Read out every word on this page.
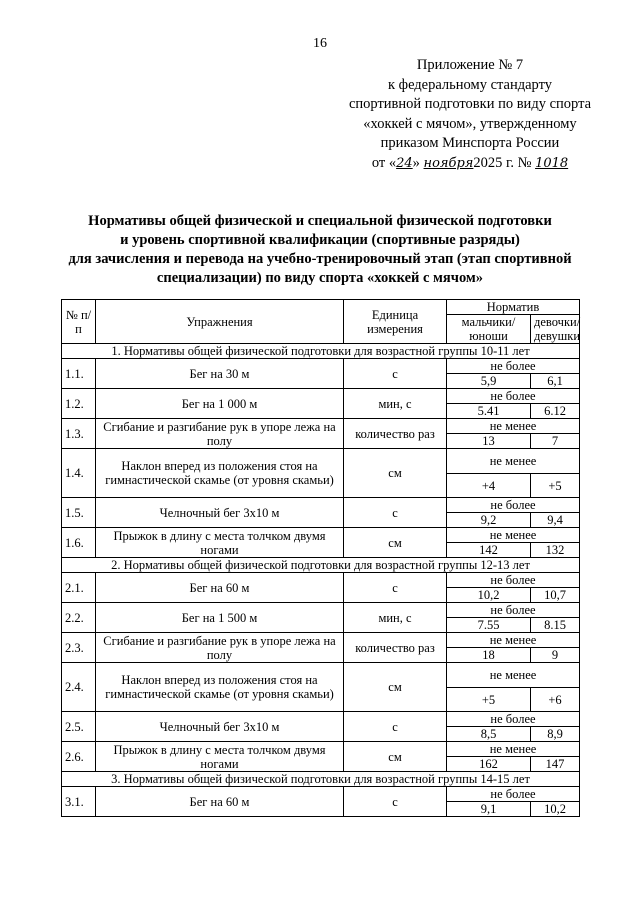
16
Приложение № 7
к федеральному стандарту
спортивной подготовки по виду спорта
«хоккей с мячом», утвержденному
приказом Минспорта России
от «24» ноября2025 г. № 1018
Нормативы общей физической и специальной физической подготовки
и уровень спортивной квалификации (спортивные разряды)
для зачисления и перевода на учебно-тренировочный этап (этап спортивной
специализации) по виду спорта «хоккей с мячом»
№ п/п	Упражнения	Единица измерения	Норматив	
			мальчики/ юноши	девочки/ девушки
1. Нормативы общей физической подготовки для возрастной группы 10-11 лет				
1.1.	Бег на 30 м	с	не более	
			5,9	6,1
1.2.	Бег на 1 000 м	мин, с	не более	
			5.41	6.12
1.3.	Сгибание и разгибание рук в упоре лежа на полу	количество раз	не менее	
			13	7
1.4.	Наклон вперед из положения стоя на гимнастической скамье (от уровня скамьи)	см	не менее	
			+4	+5
1.5.	Челночный бег 3х10 м	с	не более	
			9,2	9,4
1.6.	Прыжок в длину с места толчком двумя ногами	см	не менее	
			142	132
2. Нормативы общей физической подготовки для возрастной группы 12-13 лет				
2.1.	Бег на 60 м	с	не более	
			10,2	10,7
2.2.	Бег на 1 500 м	мин, с	не более	
			7.55	8.15
2.3.	Сгибание и разгибание рук в упоре лежа на полу	количество раз	не менее	
			18	9
2.4.	Наклон вперед из положения стоя на гимнастической скамье (от уровня скамьи)	см	не менее	
			+5	+6
2.5.	Челночный бег 3х10 м	с	не более	
			8,5	8,9
2.6.	Прыжок в длину с места толчком двумя ногами	см	не менее	
			162	147
3. Нормативы общей физической подготовки для возрастной группы 14-15 лет				
3.1.	Бег на 60 м	с	не более	
			9,1	10,2
